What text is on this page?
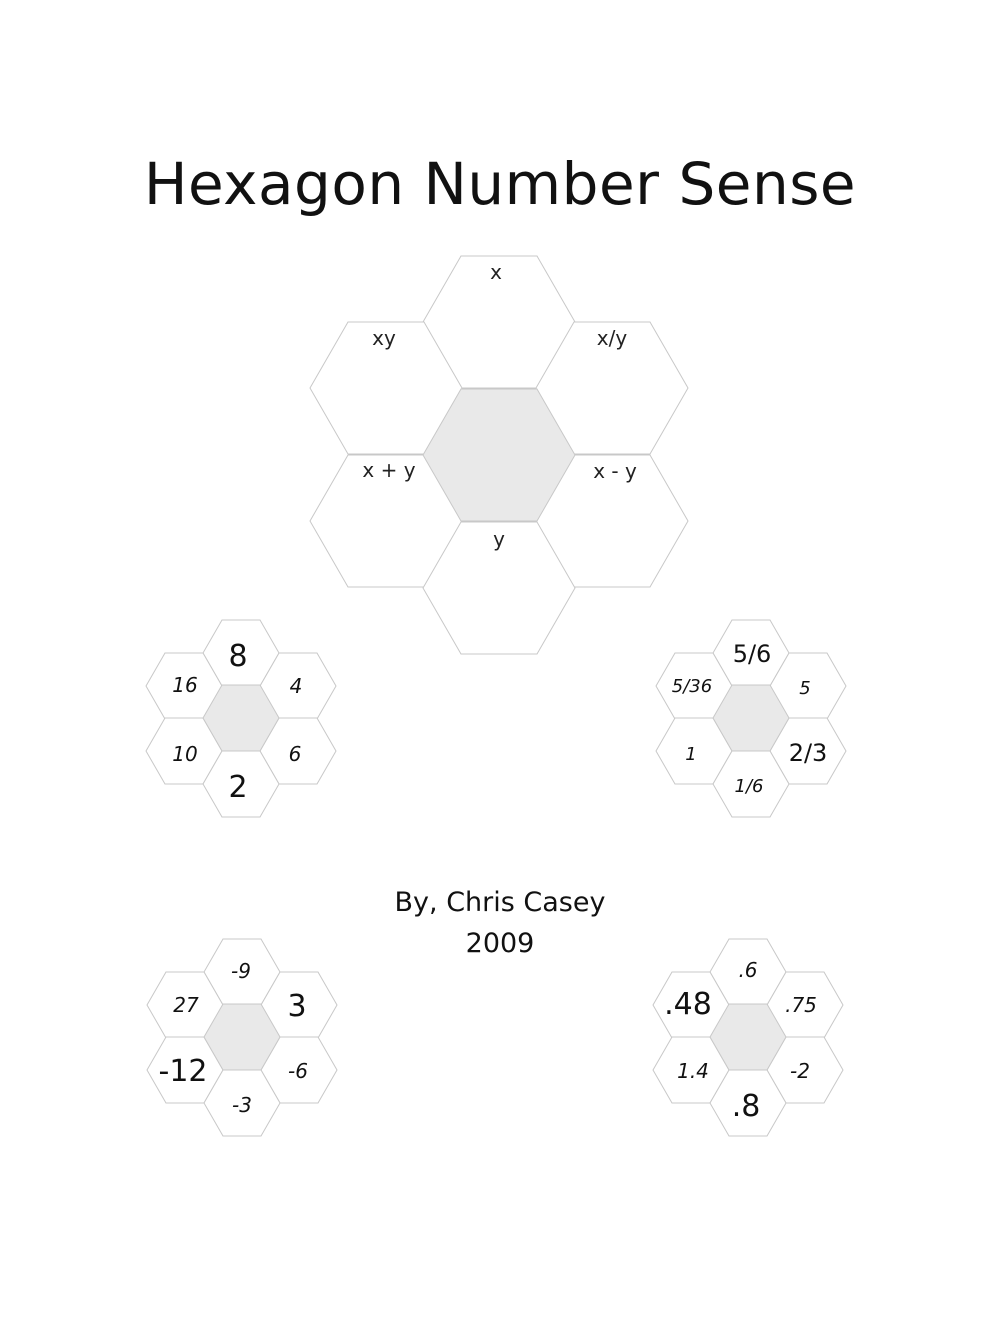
Hexagon Number Sense
x
xy	x/y
x + y	x - y
y
8
16	4
10	6
2
5/6
5/36	5
1	2/3
1/6
-9
27	3
-12	-6
-3
.6
.48	.75
1.4	-2
.8
By, Chris Casey
2009
